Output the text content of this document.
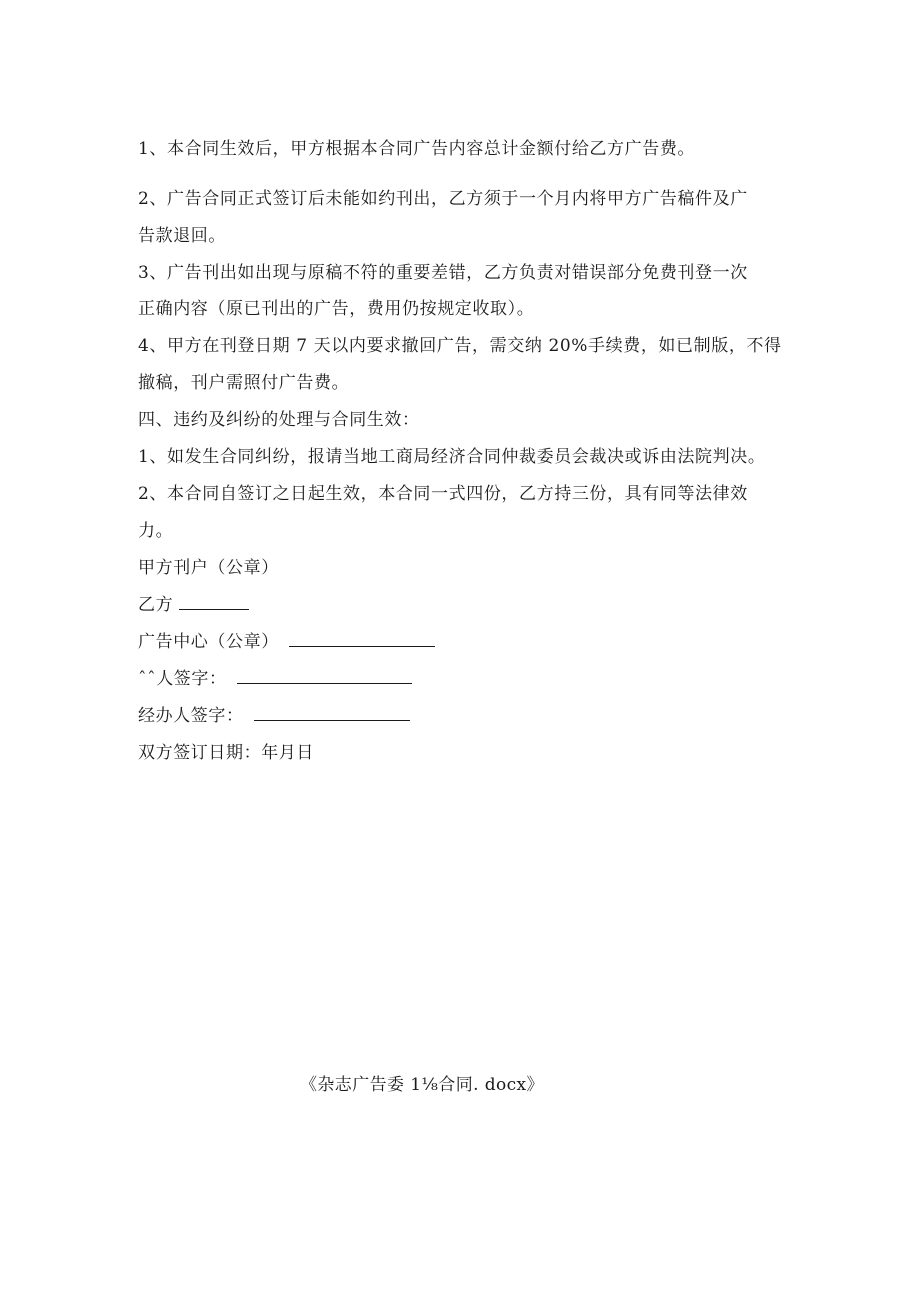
1、本合同生效后，甲方根据本合同广告内容总计金额付给乙方广告费。
2、广告合同正式签订后未能如约刊出，乙方须于一个月内将甲方广告稿件及广
告款退回。
3、广告刊出如出现与原稿不符的重要差错，乙方负责对错误部分免费刊登一次
正确内容（原已刊出的广告，费用仍按规定收取）。
4、甲方在刊登日期 7 天以内要求撤回广告，需交纳 20%手续费，如已制版，不得
撤稿，刊户需照付广告费。
四、违约及纠纷的处理与合同生效：
1、如发生合同纠纷，报请当地工商局经济合同仲裁委员会裁决或诉由法院判决。
2、本合同自签订之日起生效，本合同一式四份，乙方持三份，具有同等法律效
力。
甲方刊户（公章）
乙方
广告中心（公章）
ˆˆ人签字：
经办人签字：
双方签订日期：年月日
《杂志广告委 1⅛合同. docx》
